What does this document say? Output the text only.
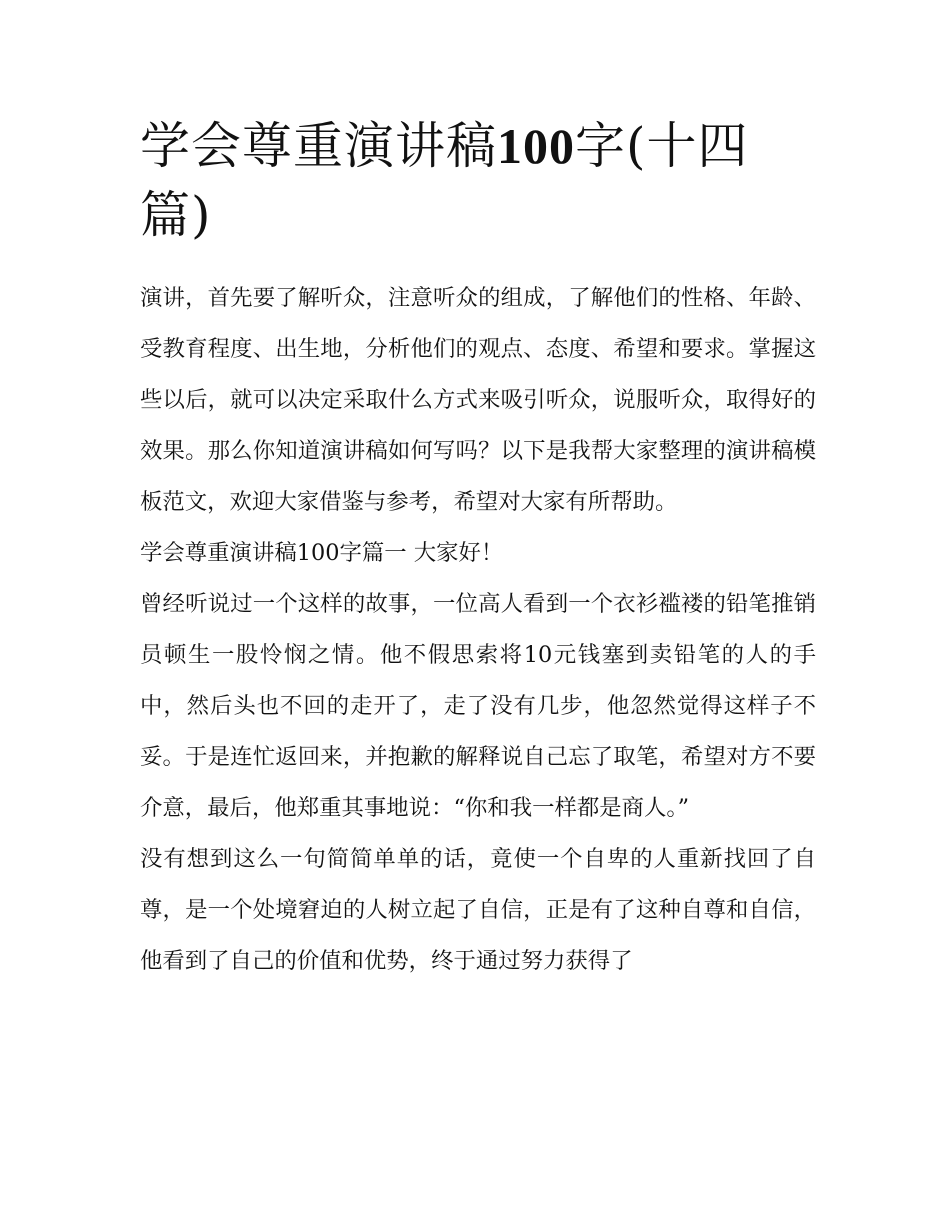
学会尊重演讲稿100字(十四篇)

演讲，首先要了解听众，注意听众的组成，了解他们的性格、年龄、受教育程度、出生地，分析他们的观点、态度、希望和要求。掌握这些以后，就可以决定采取什么方式来吸引听众，说服听众，取得好的效果。那么你知道演讲稿如何写吗？以下是我帮大家整理的演讲稿模板范文，欢迎大家借鉴与参考，希望对大家有所帮助。

学会尊重演讲稿100字篇一 大家好！

曾经听说过一个这样的故事，一位高人看到一个衣衫褴褛的铅笔推销员顿生一股怜悯之情。他不假思索将10元钱塞到卖铅笔的人的手中，然后头也不回的走开了，走了没有几步，他忽然觉得这样子不妥。于是连忙返回来，并抱歉的解释说自己忘了取笔，希望对方不要介意，最后，他郑重其事地说：“你和我一样都是商人。”

没有想到这么一句简简单单的话，竟使一个自卑的人重新找回了自尊，是一个处境窘迫的人树立起了自信，正是有了这种自尊和自信，他看到了自己的价值和优势，终于通过努力获得了
